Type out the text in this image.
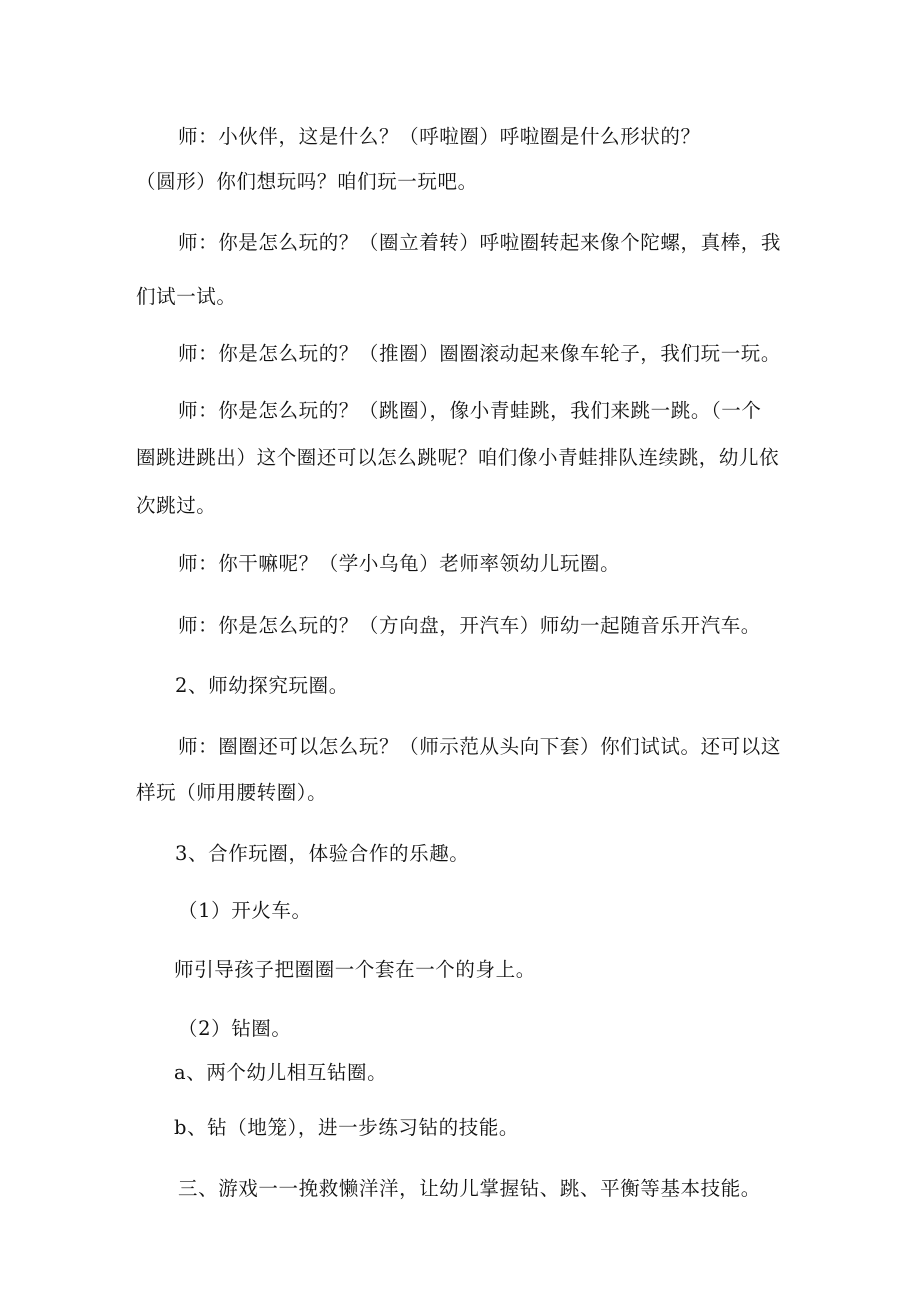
师：小伙伴，这是什么？（呼啦圈）呼啦圈是什么形状的？
（圆形）你们想玩吗？咱们玩一玩吧。
师：你是怎么玩的？（圈立着转）呼啦圈转起来像个陀螺，真棒，我
们试一试。
师：你是怎么玩的？（推圈）圈圈滚动起来像车轮子，我们玩一玩。
师：你是怎么玩的？（跳圈），像小青蛙跳，我们来跳一跳。（一个
圈跳进跳出）这个圈还可以怎么跳呢？咱们像小青蛙排队连续跳，幼儿依
次跳过。
师：你干嘛呢？（学小乌龟）老师率领幼儿玩圈。
师：你是怎么玩的？（方向盘，开汽车）师幼一起随音乐开汽车。
2、师幼探究玩圈。
师：圈圈还可以怎么玩？（师示范从头向下套）你们试试。还可以这
样玩（师用腰转圈）。
3、合作玩圈，体验合作的乐趣。
（1）开火车。
师引导孩子把圈圈一个套在一个的身上。
（2）钻圈。
a、两个幼儿相互钻圈。
b、钻（地笼），进一步练习钻的技能。
三、游戏一一挽救懒洋洋，让幼儿掌握钻、跳、平衡等基本技能。
